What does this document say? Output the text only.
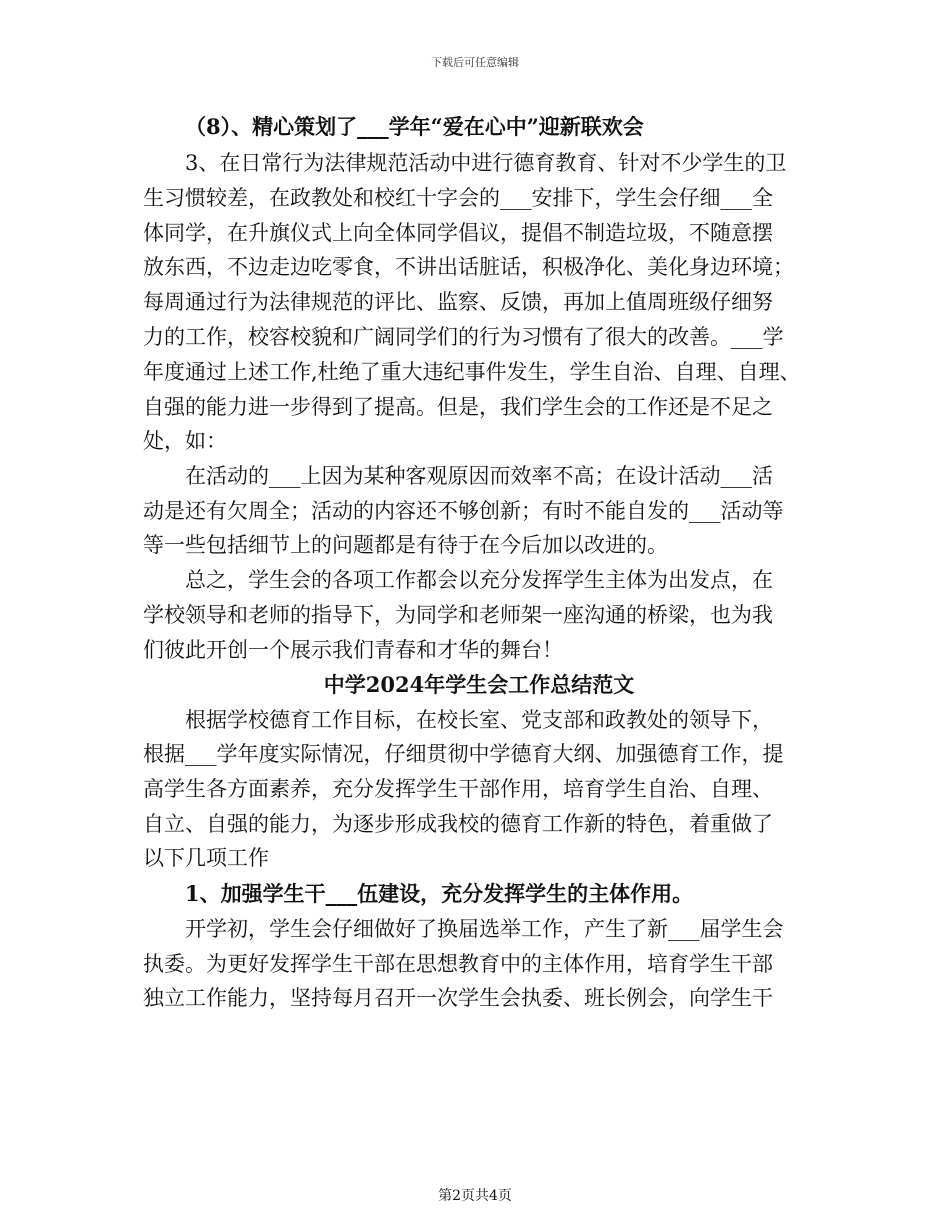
下载后可任意编辑
（8）、精心策划了___学年“爱在心中”迎新联欢会
3、在日常行为法律规范活动中进行德育教育、针对不少学生的卫
生习惯较差，在政教处和校红十字会的___安排下，学生会仔细___全
体同学，在升旗仪式上向全体同学倡议，提倡不制造垃圾，不随意摆
放东西，不边走边吃零食，不讲出话脏话，积极净化、美化身边环境；
每周通过行为法律规范的评比、监察、反馈，再加上值周班级仔细努
力的工作，校容校貌和广阔同学们的行为习惯有了很大的改善。___学
年度通过上述工作,杜绝了重大违纪事件发生，学生自治、自理、自理、
自强的能力进一步得到了提高。但是，我们学生会的工作还是不足之
处，如：
在活动的___上因为某种客观原因而效率不高；在设计活动___活
动是还有欠周全；活动的内容还不够创新；有时不能自发的___活动等
等一些包括细节上的问题都是有待于在今后加以改进的。
总之，学生会的各项工作都会以充分发挥学生主体为出发点，在
学校领导和老师的指导下，为同学和老师架一座沟通的桥梁，也为我
们彼此开创一个展示我们青春和才华的舞台！
中学2024年学生会工作总结范文
根据学校德育工作目标，在校长室、党支部和政教处的领导下，
根据___学年度实际情况，仔细贯彻中学德育大纲、加强德育工作，提
高学生各方面素养，充分发挥学生干部作用，培育学生自治、自理、
自立、自强的能力，为逐步形成我校的德育工作新的特色，着重做了
以下几项工作
1、加强学生干___伍建设，充分发挥学生的主体作用。
开学初，学生会仔细做好了换届选举工作，产生了新___届学生会
执委。为更好发挥学生干部在思想教育中的主体作用，培育学生干部
独立工作能力，坚持每月召开一次学生会执委、班长例会，向学生干
第2页共4页
